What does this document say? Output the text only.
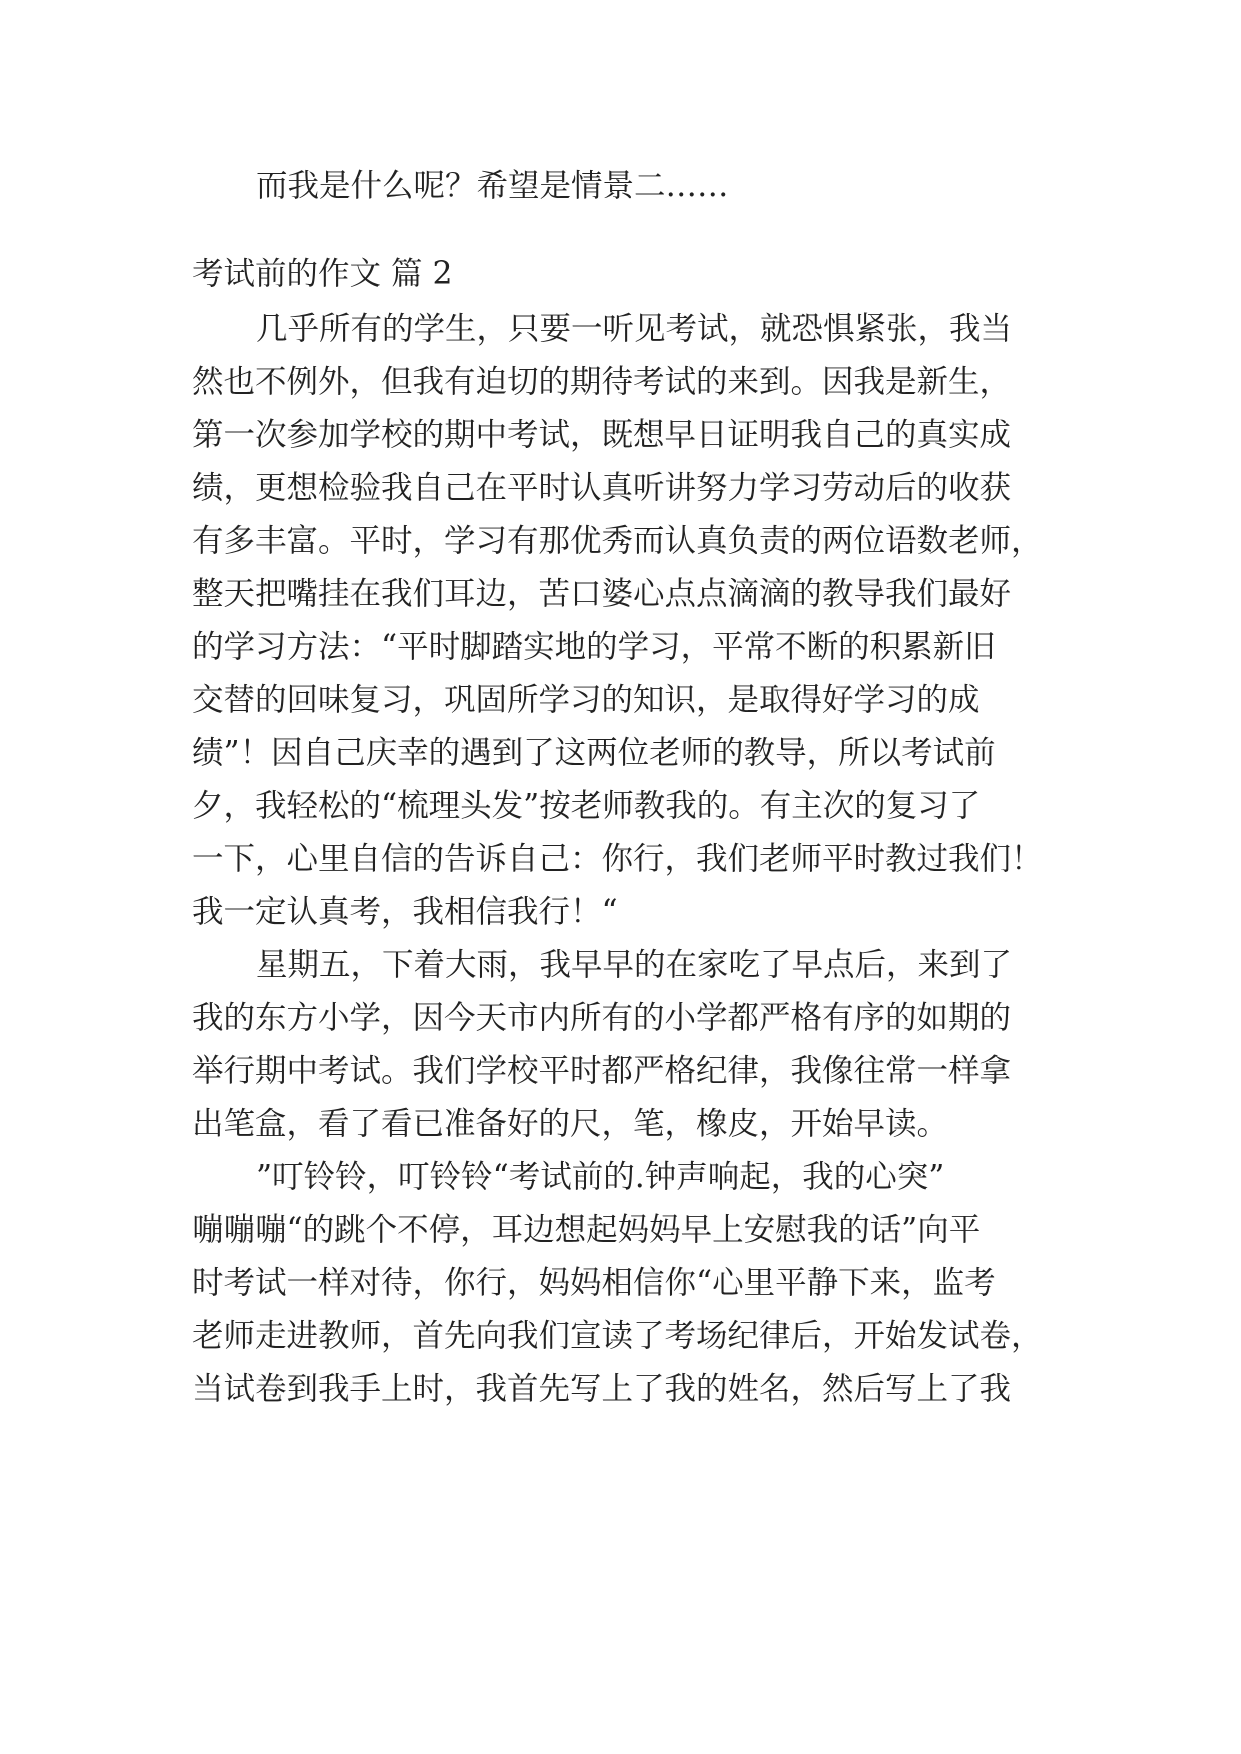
而我是什么呢？希望是情景二……
考试前的作文 篇 2
几乎所有的学生，只要一听见考试，就恐惧紧张，我当
然也不例外，但我有迫切的期待考试的来到。因我是新生，
第一次参加学校的期中考试，既想早日证明我自己的真实成
绩，更想检验我自己在平时认真听讲努力学习劳动后的收获
有多丰富。平时，学习有那优秀而认真负责的两位语数老师，
整天把嘴挂在我们耳边，苦口婆心点点滴滴的教导我们最好
的学习方法：“平时脚踏实地的学习，平常不断的积累新旧
交替的回味复习，巩固所学习的知识，是取得好学习的成
绩”！因自己庆幸的遇到了这两位老师的教导，所以考试前
夕，我轻松的“梳理头发”按老师教我的。有主次的复习了
一下，心里自信的告诉自己：你行，我们老师平时教过我们！
我一定认真考，我相信我行！“
星期五，下着大雨，我早早的在家吃了早点后，来到了
我的东方小学，因今天市内所有的小学都严格有序的如期的
举行期中考试。我们学校平时都严格纪律，我像往常一样拿
出笔盒，看了看已准备好的尺，笔，橡皮，开始早读。
”叮铃铃，叮铃铃“考试前的.钟声响起，我的心突”
嘣嘣嘣“的跳个不停，耳边想起妈妈早上安慰我的话”向平
时考试一样对待，你行，妈妈相信你“心里平静下来，监考
老师走进教师，首先向我们宣读了考场纪律后，开始发试卷，
当试卷到我手上时，我首先写上了我的姓名，然后写上了我
